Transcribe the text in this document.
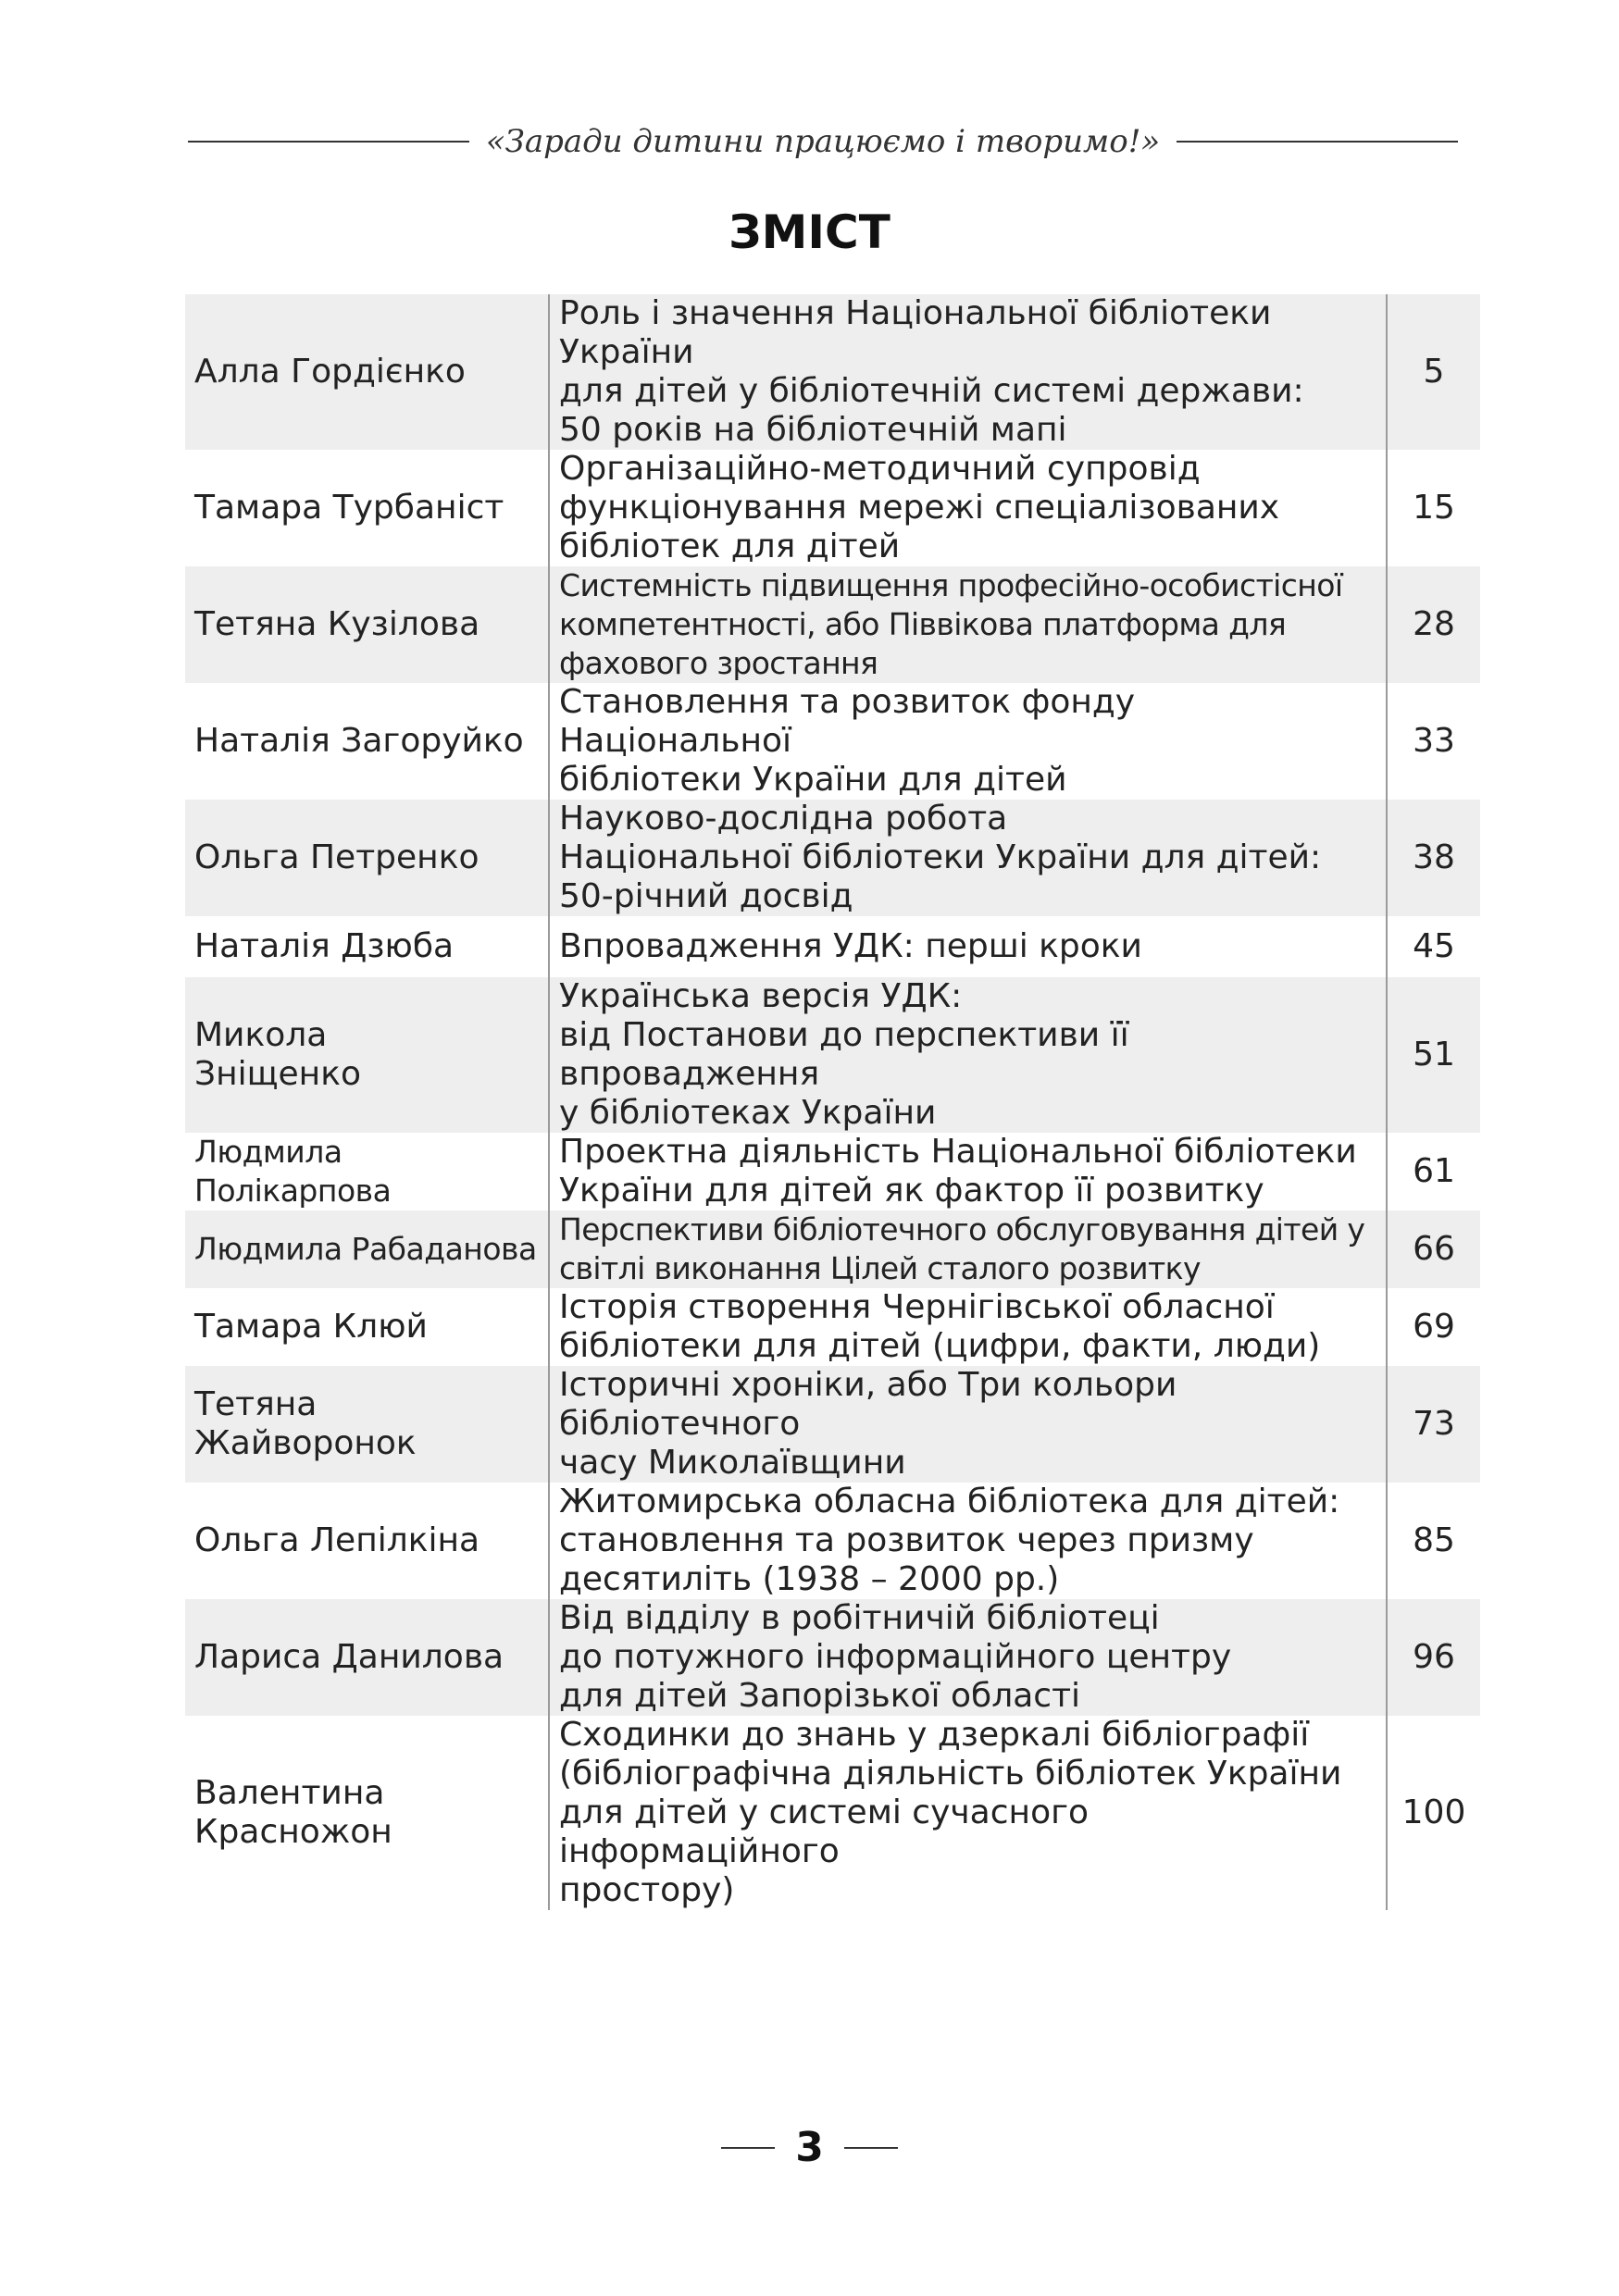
«Заради дитини працюємо і творимо!»
ЗМІСТ
Алла Гордієнко	Роль і значення Національної бібліотеки України
для дітей у бібліотечній системі держави:
50 років на бібліотечній мапі	5
Тамара Турбаніст	Організаційно-методичний супровід
функціонування мережі спеціалізованих
бібліотек для дітей	15
Тетяна Кузілова	Системність підвищення професійно-особистісної
компетентності, або Піввікова платформа для
фахового зростання	28
Наталія Загоруйко	Становлення та розвиток фонду Національної
бібліотеки України для дітей	33
Ольга Петренко	Науково-дослідна робота
Національної бібліотеки України для дітей:
50-річний досвід	38
Наталія Дзюба	Впровадження УДК: перші кроки	45
Микола
Зніщенко	Українська версія УДК:
від Постанови до перспективи її впровадження
у бібліотеках України	51
Людмила Полікарпова	Проектна діяльність Національної бібліотеки
України для дітей як фактор її розвитку	61
Людмила Рабаданова	Перспективи бібліотечного обслуговування дітей у
світлі виконання Цілей сталого розвитку	66
Тамара Клюй	Історія створення Чернігівської обласної
бібліотеки для дітей (цифри, факти, люди)	69
Тетяна Жайворонок	Історичні хроніки, або Три кольори бібліотечного
часу Миколаївщини	73
Ольга Лепілкіна	Житомирська обласна бібліотека для дітей:
становлення та розвиток через призму
десятиліть (1938 – 2000 рр.)	85
Лариса Данилова	Від відділу в робітничій бібліотеці
до потужного інформаційного центру
для дітей Запорізької області	96
Валентина
Красножон	Сходинки до знань у дзеркалі бібліографії
(бібліографічна діяльність бібліотек України
для дітей у системі сучасного інформаційного
простору)	100
3
